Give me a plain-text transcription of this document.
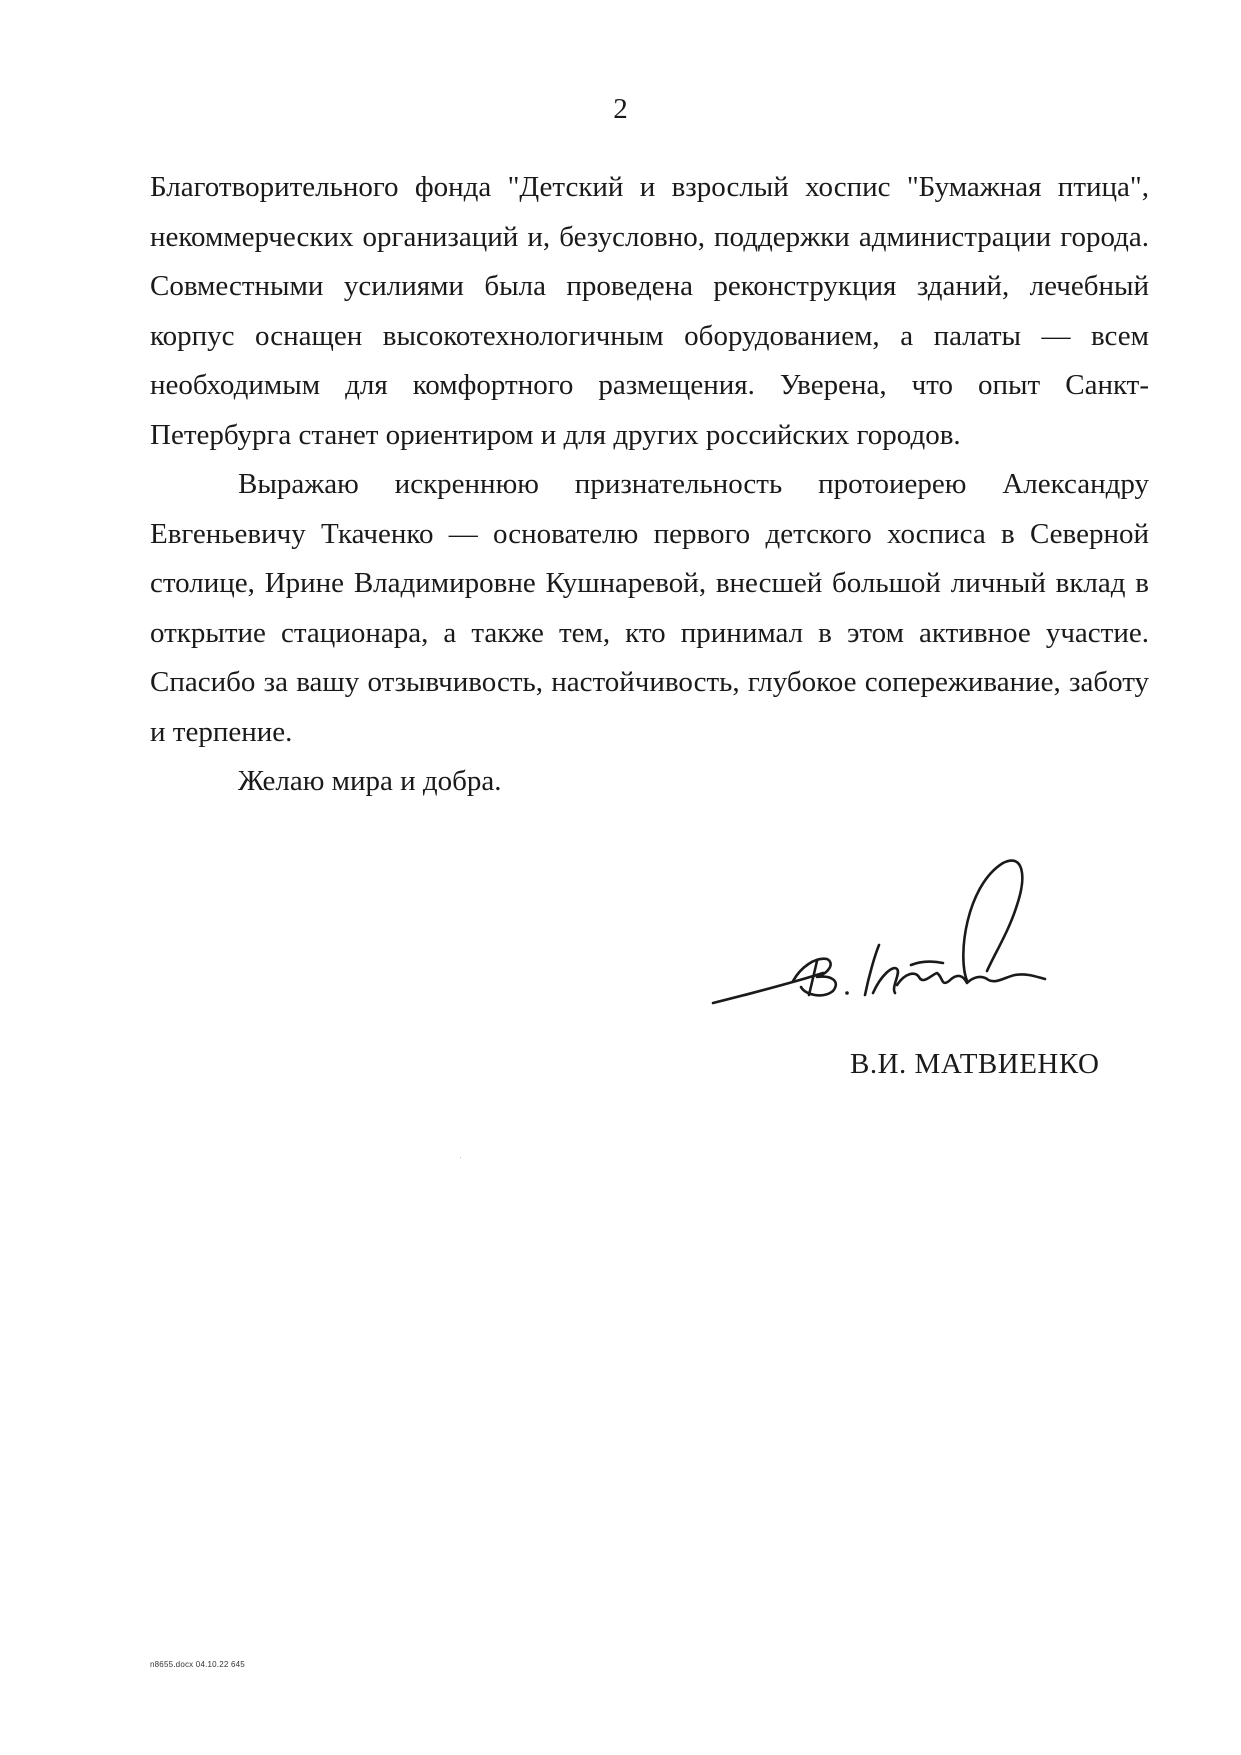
2

Благотворительного фонда "Детский и взрослый хоспис "Бумажная птица", некоммерческих организаций и, безусловно, поддержки администрации города. Совместными усилиями была проведена реконструкция зданий, лечебный корпус оснащен высокотехнологичным оборудованием, а палаты — всем необходимым для комфортного размещения. Уверена, что опыт Санкт-Петербурга станет ориентиром и для других российских городов.

Выражаю искреннюю признательность протоиерею Александру Евгеньевичу Ткаченко — основателю первого детского хосписа в Северной столице, Ирине Владимировне Кушнаревой, внесшей большой личный вклад в открытие стационара, а также тем, кто принимал в этом активное участие. Спасибо за вашу отзывчивость, настойчивость, глубокое сопереживание, заботу и терпение.

Желаю мира и добра.

В.И. МАТВИЕНКО
n8655.docx 04.10.22 645
